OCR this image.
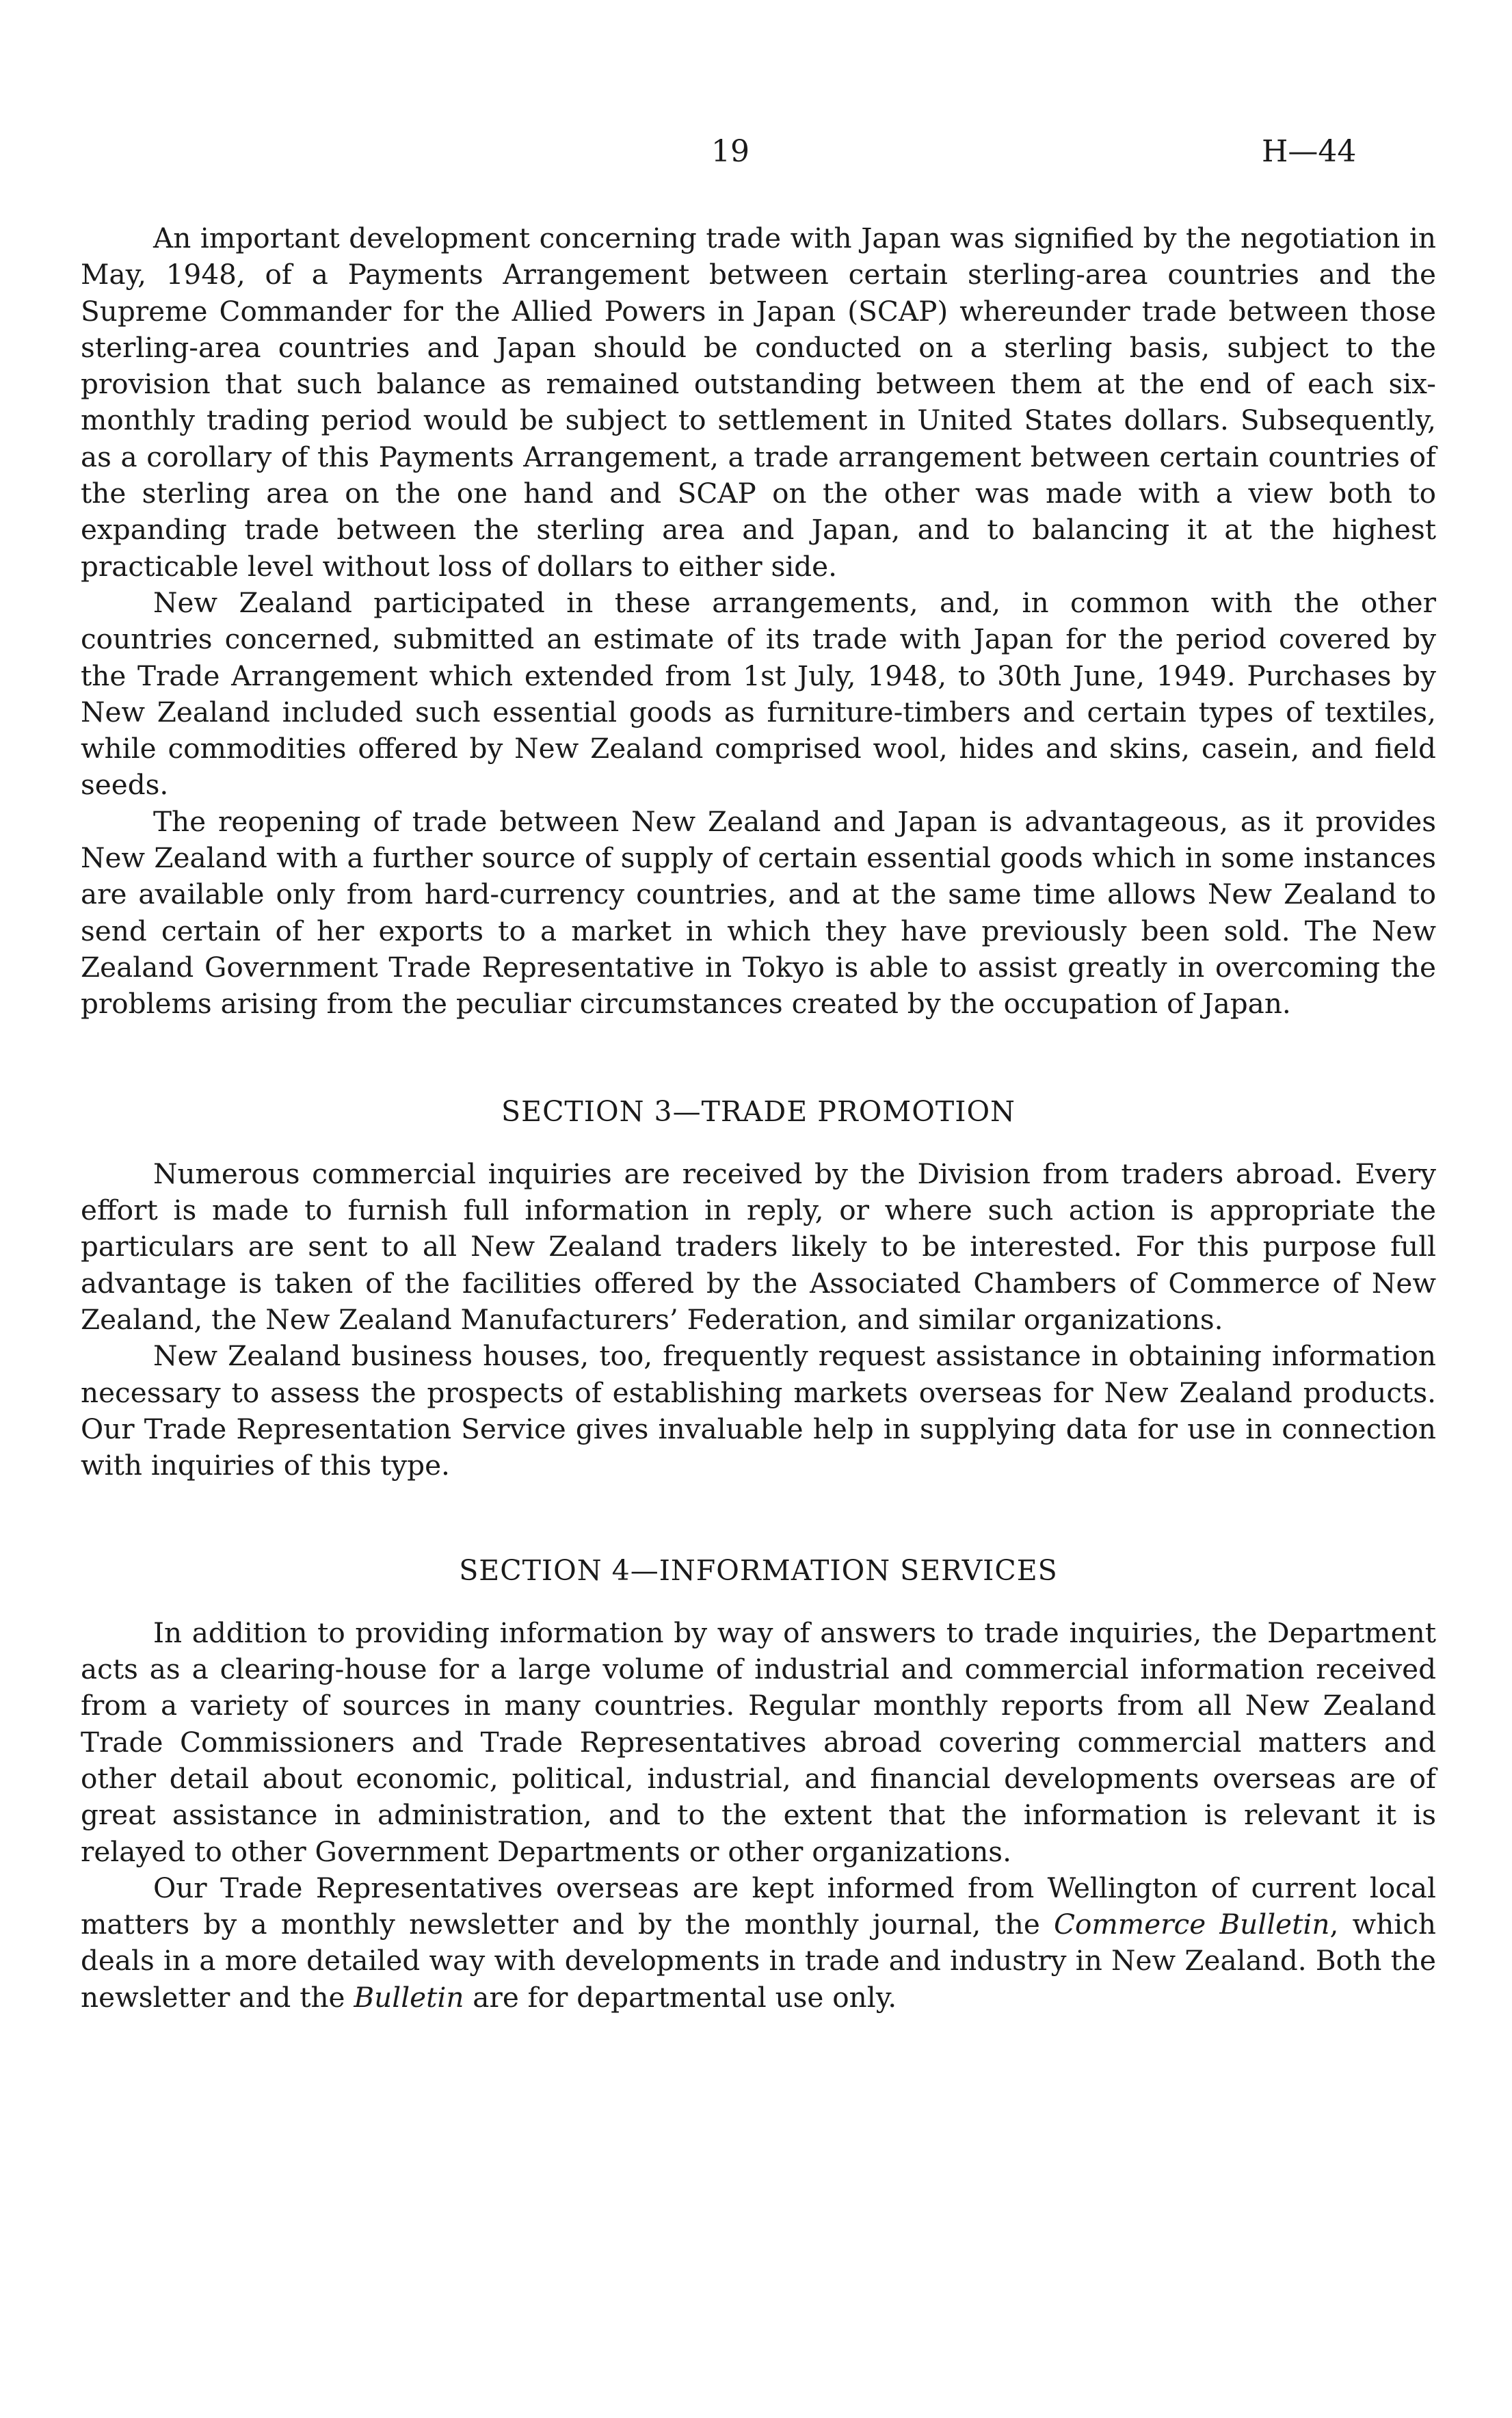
19	H—44

An important development concerning trade with Japan was signified by the negotiation in May, 1948, of a Payments Arrangement between certain sterling-area countries and the Supreme Commander for the Allied Powers in Japan (SCAP) whereunder trade between those sterling-area countries and Japan should be conducted on a sterling basis, subject to the provision that such balance as remained outstanding between them at the end of each six-monthly trading period would be subject to settlement in United States dollars. Subsequently, as a corollary of this Payments Arrangement, a trade arrangement between certain countries of the sterling area on the one hand and SCAP on the other was made with a view both to expanding trade between the sterling area and Japan, and to balancing it at the highest practicable level without loss of dollars to either side.

New Zealand participated in these arrangements, and, in common with the other countries concerned, submitted an estimate of its trade with Japan for the period covered by the Trade Arrangement which extended from 1st July, 1948, to 30th June, 1949. Purchases by New Zealand included such essential goods as furniture-timbers and certain types of textiles, while commodities offered by New Zealand comprised wool, hides and skins, casein, and field seeds.

The reopening of trade between New Zealand and Japan is advantageous, as it provides New Zealand with a further source of supply of certain essential goods which in some instances are available only from hard-currency countries, and at the same time allows New Zealand to send certain of her exports to a market in which they have previously been sold. The New Zealand Government Trade Representative in Tokyo is able to assist greatly in overcoming the problems arising from the peculiar circumstances created by the occupation of Japan.

SECTION 3—TRADE PROMOTION

Numerous commercial inquiries are received by the Division from traders abroad. Every effort is made to furnish full information in reply, or where such action is appropriate the particulars are sent to all New Zealand traders likely to be interested. For this purpose full advantage is taken of the facilities offered by the Associated Chambers of Commerce of New Zealand, the New Zealand Manufacturers’ Federation, and similar organizations.

New Zealand business houses, too, frequently request assistance in obtaining information necessary to assess the prospects of establishing markets overseas for New Zealand products. Our Trade Representation Service gives invaluable help in supplying data for use in connection with inquiries of this type.

SECTION 4—INFORMATION SERVICES

In addition to providing information by way of answers to trade inquiries, the Department acts as a clearing-house for a large volume of industrial and commercial information received from a variety of sources in many countries. Regular monthly reports from all New Zealand Trade Commissioners and Trade Representatives abroad covering commercial matters and other detail about economic, political, industrial, and financial developments overseas are of great assistance in administration, and to the extent that the information is relevant it is relayed to other Government Departments or other organizations.

Our Trade Representatives overseas are kept informed from Wellington of current local matters by a monthly newsletter and by the monthly journal, the Commerce Bulletin, which deals in a more detailed way with developments in trade and industry in New Zealand. Both the newsletter and the Bulletin are for departmental use only.
